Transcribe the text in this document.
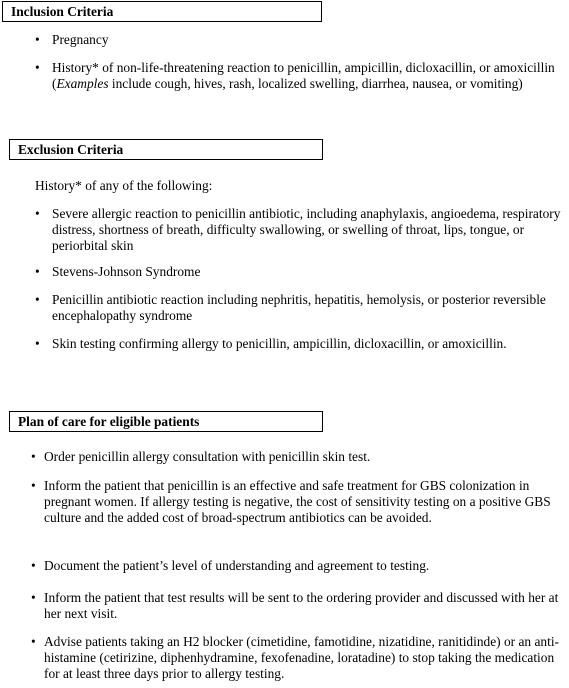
Inclusion Criteria
• Pregnancy
• History* of non-life-threatening reaction to penicillin, ampicillin, dicloxacillin, or amoxicillin (Examples include cough, hives, rash, localized swelling, diarrhea, nausea, or vomiting)
Exclusion Criteria
History* of any of the following:
• Severe allergic reaction to penicillin antibiotic, including anaphylaxis, angioedema, respiratory distress, shortness of breath, difficulty swallowing, or swelling of throat, lips, tongue, or periorbital skin
• Stevens-Johnson Syndrome
• Penicillin antibiotic reaction including nephritis, hepatitis, hemolysis, or posterior reversible encephalopathy syndrome
• Skin testing confirming allergy to penicillin, ampicillin, dicloxacillin, or amoxicillin.
Plan of care for eligible patients
• Order penicillin allergy consultation with penicillin skin test.
• Inform the patient that penicillin is an effective and safe treatment for GBS colonization in pregnant women. If allergy testing is negative, the cost of sensitivity testing on a positive GBS culture and the added cost of broad-spectrum antibiotics can be avoided.
• Document the patient’s level of understanding and agreement to testing.
• Inform the patient that test results will be sent to the ordering provider and discussed with her at her next visit.
• Advise patients taking an H2 blocker (cimetidine, famotidine, nizatidine, ranitidinde) or an anti-histamine (cetirizine, diphenhydramine, fexofenadine, loratadine) to stop taking the medication for at least three days prior to allergy testing.
